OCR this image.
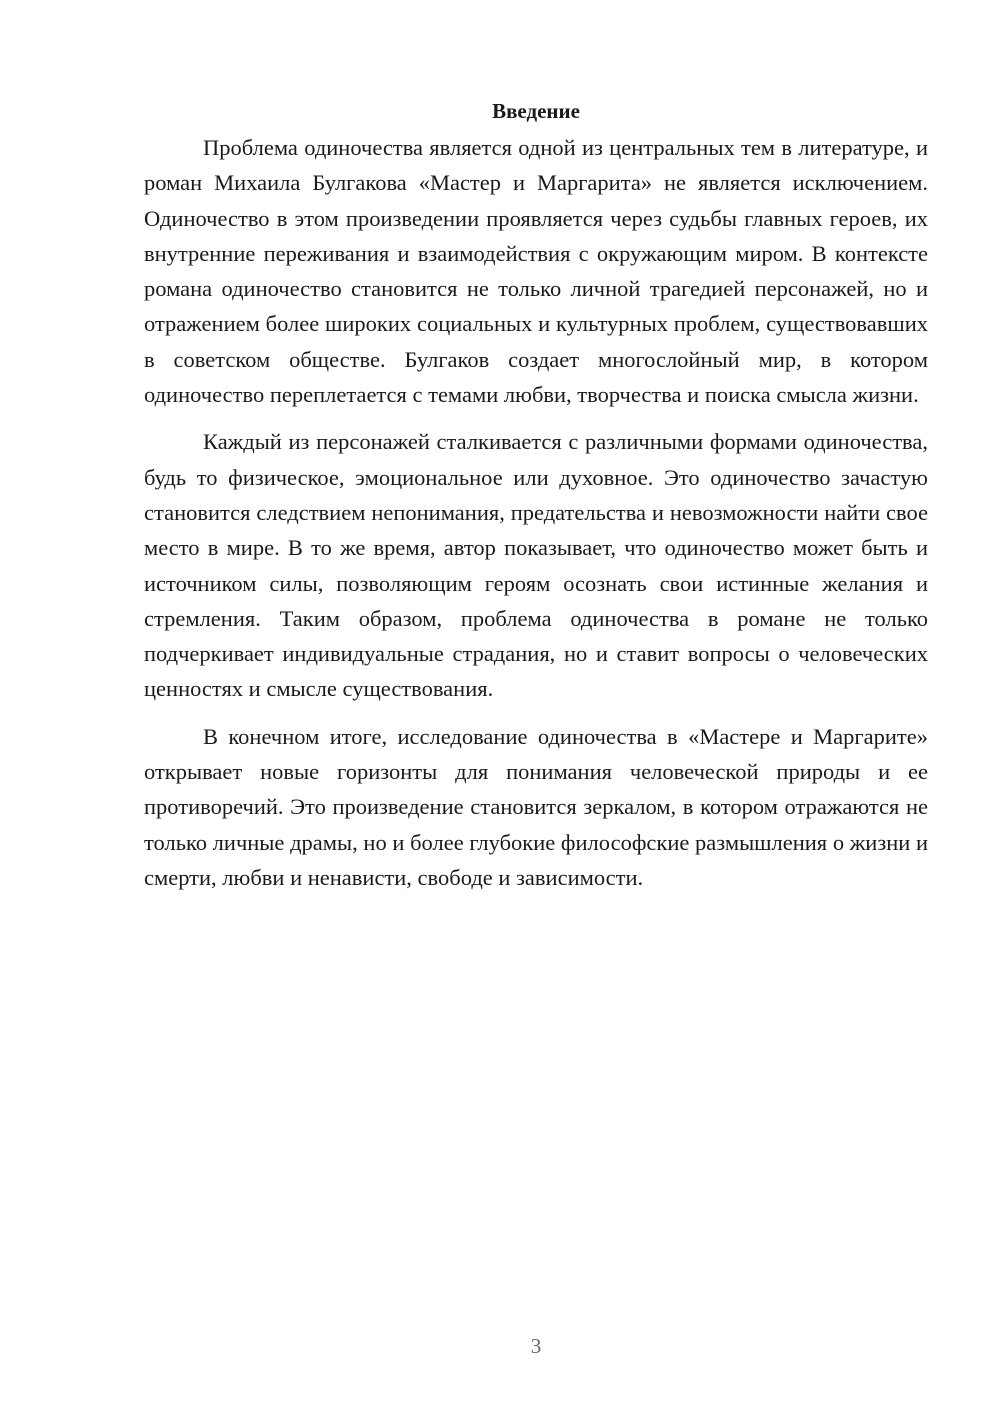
Введение

Проблема одиночества является одной из центральных тем в литературе, и роман Михаила Булгакова «Мастер и Маргарита» не является исключением. Одиночество в этом произведении проявляется через судьбы главных героев, их внутренние переживания и взаимодействия с окружающим миром. В контексте романа одиночество становится не только личной трагедией персонажей, но и отражением более широких социальных и культурных проблем, существовавших в советском обществе. Булгаков создает многослойный мир, в котором одиночество переплетается с темами любви, творчества и поиска смысла жизни.

Каждый из персонажей сталкивается с различными формами одиночества, будь то физическое, эмоциональное или духовное. Это одиночество зачастую становится следствием непонимания, предательства и невозможности найти свое место в мире. В то же время, автор показывает, что одиночество может быть и источником силы, позволяющим героям осознать свои истинные желания и стремления. Таким образом, проблема одиночества в романе не только подчеркивает индивидуальные страдания, но и ставит вопросы о человеческих ценностях и смысле существования.

В конечном итоге, исследование одиночества в «Мастере и Маргарите» открывает новые горизонты для понимания человеческой природы и ее противоречий. Это произведение становится зеркалом, в котором отражаются не только личные драмы, но и более глубокие философские размышления о жизни и смерти, любви и ненависти, свободе и зависимости.

3
